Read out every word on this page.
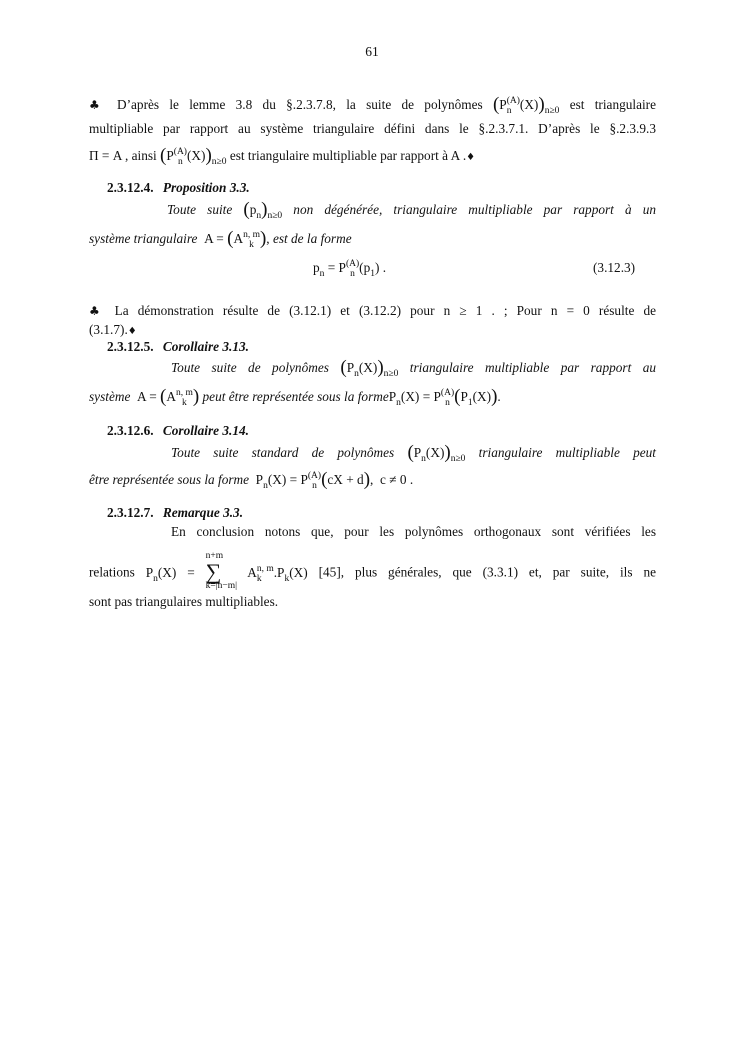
61
♣ D’après le lemme 3.8 du §.2.3.7.8, la suite de polynômes (P (A)
n $(X))_{n\ge 0}$ est triangulaire
multipliable par rapport au système triangulaire défini dans le §.2.3.7.1. D’après le §.2.3.9.3
Π = A , ainsi (P (A)
n $(X))_{n\ge 0}$ est triangulaire multipliable par rapport à A .♦
2.3.12.4. Proposition 3.3.
Toute suite $(p_n)_{n\ge 0}$ non dégénérée, triangulaire multipliable par rapport à un
système triangulaire  A = (A n, m
k ), est de la forme
$p_n = P$ (A)
n $(p_1)$ .	(3.12.3)
♣ La démonstration résulte de (3.12.1) et (3.12.2) pour n ≥ 1 . ; Pour n = 0 résulte de
(3.1.7).♦
2.3.12.5. Corollaire 3.13.
Toute suite de polynômes $(P_n(X))_{n\ge 0}$ triangulaire multipliable par rapport au
système  A = (A n, m
k ) peut être représentée sous la formeP$_n$(X) = P (A)
n $(P_1(X))$.
2.3.12.6. Corollaire 3.14.
Toute suite standard de polynômes $(P_n(X))_{n\ge 0}$ triangulaire multipliable peut
être représentée sous la forme  $P_n(X) = P$ (A)
n (cX + d),  c ≠ 0 .
2.3.12.7. Remarque 3.3.
En conclusion notons que, pour les polynômes orthogonaux sont vérifiées les
relations $P_n(X)$ =
n+m
∑
k=|n−m|
A n, m
k $.P_k(X)$ [45], plus générales, que (3.3.1) et, par suite, ils ne
sont pas triangulaires multipliables.
